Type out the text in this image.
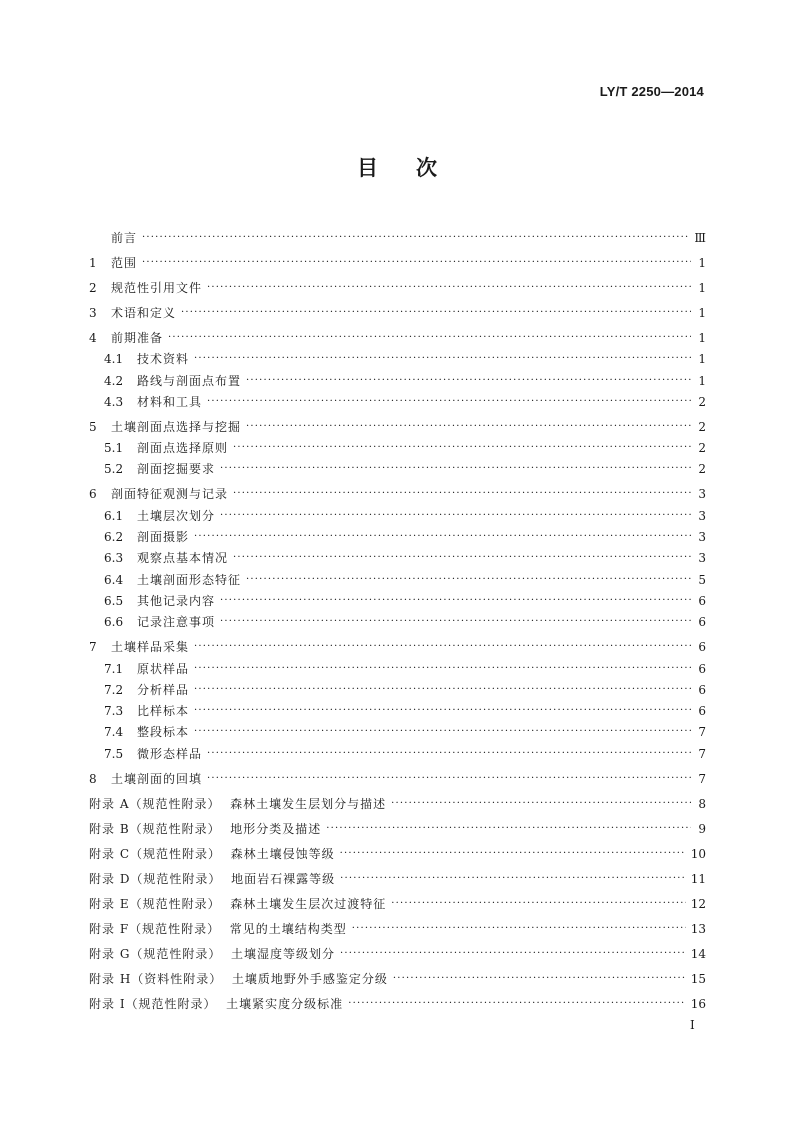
LY/T 2250—2014
目次
前言 ·····	Ⅲ
1	范围 ·····	1
2	规范性引用文件 ·····	1
3	术语和定义 ·····	1
4	前期准备 ·····	1
4.1	技术资料 ·····	1
4.2	路线与剖面点布置 ·····	1
4.3	材料和工具 ·····	2
5	土壤剖面点选择与挖掘 ·····	2
5.1	剖面点选择原则 ·····	2
5.2	剖面挖掘要求 ·····	2
6	剖面特征观测与记录 ·····	3
6.1	土壤层次划分 ·····	3
6.2	剖面摄影 ·····	3
6.3	观察点基本情况 ·····	3
6.4	土壤剖面形态特征 ·····	5
6.5	其他记录内容 ·····	6
6.6	记录注意事项 ·····	6
7	土壤样品采集 ·····	6
7.1	原状样品 ·····	6
7.2	分析样品 ·····	6
7.3	比样标本 ·····	6
7.4	整段标本 ·····	7
7.5	微形态样品 ·····	7
8	土壤剖面的回填 ·····	7
附录 A（规范性附录）  森林土壤发生层划分与描述 ·····	8
附录 B（规范性附录）  地形分类及描述 ·····	9
附录 C（规范性附录）  森林土壤侵蚀等级 ·····	10
附录 D（规范性附录）  地面岩石裸露等级 ·····	11
附录 E（规范性附录）  森林土壤发生层次过渡特征 ·····	12
附录 F（规范性附录）  常见的土壤结构类型 ·····	13
附录 G（规范性附录）  土壤湿度等级划分 ·····	14
附录 H（资料性附录）  土壤质地野外手感鉴定分级 ·····	15
附录 I（规范性附录）  土壤紧实度分级标准 ·····	16
I
